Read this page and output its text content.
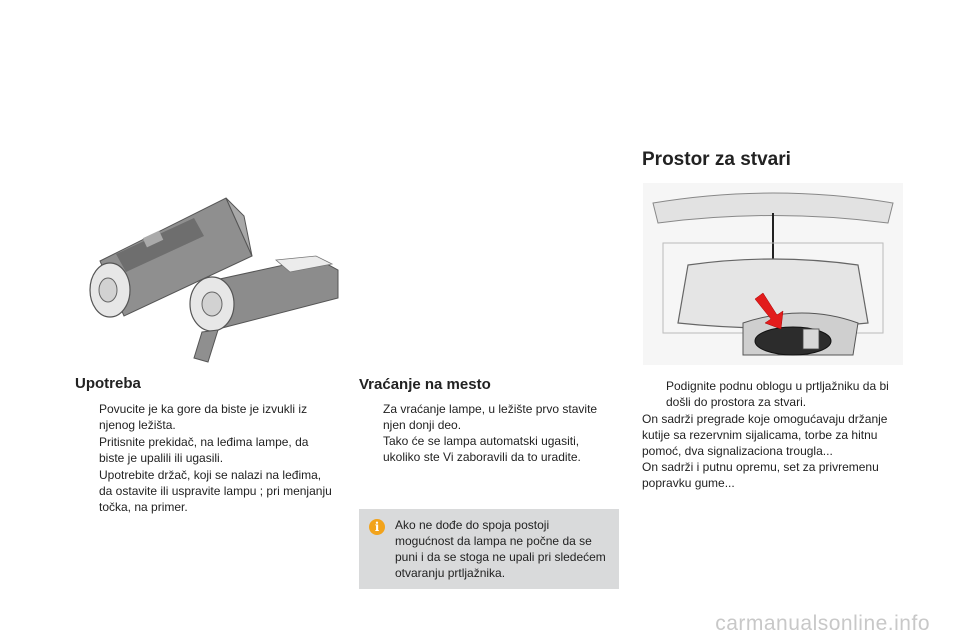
Upotreba

Povucite je ka gore da biste je izvukli iz njenog ležišta.

Pritisnite prekidač, na leđima lampe, da biste je upalili ili ugasili.

Upotrebite držač, koji se nalazi na leđima, da ostavite ili uspravite lampu ; pri menjanju točka, na primer.

Vraćanje na mesto

Za vraćanje lampe, u ležište prvo stavite njen donji deo.
Tako će se lampa automatski ugasiti, ukoliko ste Vi zaboravili da to uradite.

i	Ako ne dođe do spoja postoji mogućnost da lampa ne počne da se puni i da se stoga ne upali pri sledećem otvaranju prtljažnika.
Prostor za stvari

Podignite podnu oblogu u prtljažniku da bi došli do prostora za stvari.

On sadrži pregrade koje omogućavaju držanje kutije sa rezervnim sijalicama, torbe za hitnu pomoć, dva signalizaciona trougla...

On sadrži i putnu opremu, set za privremenu popravku gume...

carmanualsonline.info
